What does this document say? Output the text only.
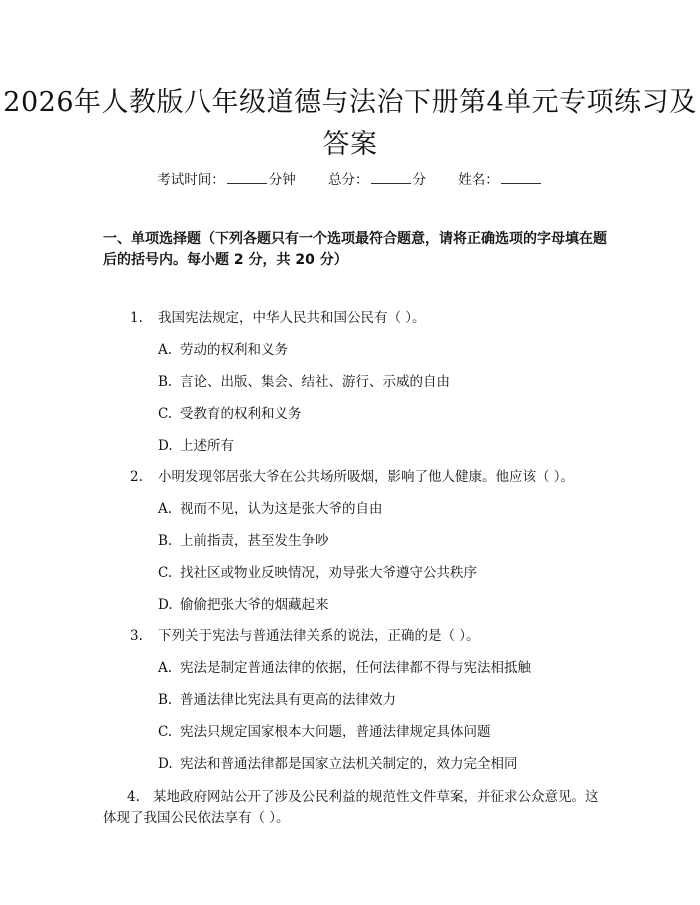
2026年人教版八年级道德与法治下册第4单元专项练习及答案
考试时间：	分钟 总分：	分 姓名：

一、单项选择题（下列各题只有一个选项最符合题意，请将正确选项的字母填在题后的括号内。每小题 2 分，共 20 分）

1. 我国宪法规定，中华人民共和国公民有（ ）。
A. 劳动的权利和义务
B. 言论、出版、集会、结社、游行、示威的自由
C. 受教育的权利和义务
D. 上述所有
2. 小明发现邻居张大爷在公共场所吸烟，影响了他人健康。他应该（ ）。
A. 视而不见，认为这是张大爷的自由
B. 上前指责，甚至发生争吵
C. 找社区或物业反映情况，劝导张大爷遵守公共秩序
D. 偷偷把张大爷的烟藏起来
3. 下列关于宪法与普通法律关系的说法，正确的是（ ）。
A. 宪法是制定普通法律的依据，任何法律都不得与宪法相抵触
B. 普通法律比宪法具有更高的法律效力
C. 宪法只规定国家根本大问题，普通法律规定具体问题
D. 宪法和普通法律都是国家立法机关制定的，效力完全相同
4. 某地政府网站公开了涉及公民利益的规范性文件草案，并征求公众意见。这体现了我国公民依法享有（ ）。
